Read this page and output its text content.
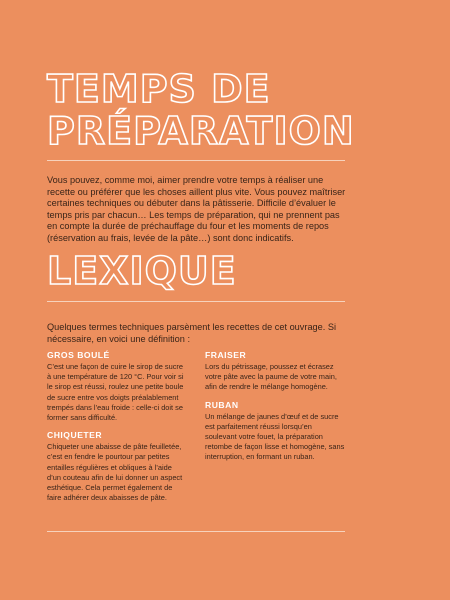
TEMPS DE
PRÉPARATION

Vous pouvez, comme moi, aimer prendre votre temps à réaliser une recette ou préférer que les choses aillent plus vite. Vous pouvez maîtriser certaines techniques ou débuter dans la pâtisserie. Difficile d’évaluer le temps pris par chacun… Les temps de préparation, qui ne prennent pas en compte la durée de préchauffage du four et les moments de repos (réservation au frais, levée de la pâte…) sont donc indicatifs.

LEXIQUE

Quelques termes techniques parsèment les recettes de cet ouvrage. Si nécessaire, en voici une définition :

GROS BOULÉ

C’est une façon de cuire le sirop de sucre à une température de 120 °C. Pour voir si le sirop est réussi, roulez une petite boule de sucre entre vos doigts préalablement trempés dans l’eau froide : celle-ci doit se former sans difficulté.

CHIQUETER

Chiqueter une abaisse de pâte feuilletée, c’est en fendre le pourtour par petites entailles régulières et obliques à l’aide d’un couteau afin de lui donner un aspect esthétique. Cela permet également de faire adhérer deux abaisses de pâte.

FRAISER

Lors du pétrissage, poussez et écrasez votre pâte avec la paume de votre main, afin de rendre le mélange homogène.

RUBAN

Un mélange de jaunes d’œuf et de sucre est parfaitement réussi lorsqu’en soulevant votre fouet, la préparation retombe de façon lisse et homogène, sans interruption, en formant un ruban.
